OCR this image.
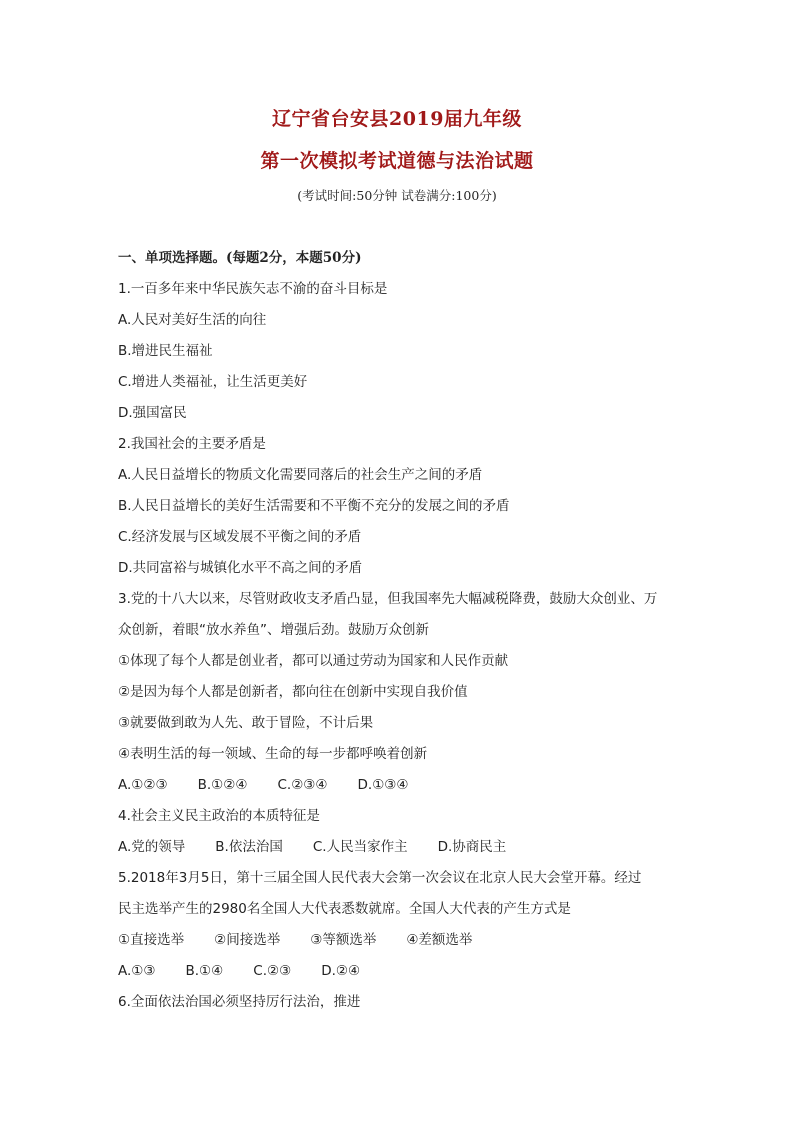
辽宁省台安县2019届九年级
第一次模拟考试道德与法治试题
(考试时间:50分钟 试卷满分:100分)
一、单项选择题。(每题2分，本题50分)
1.一百多年来中华民族矢志不渝的奋斗目标是
A.人民对美好生活的向往
B.增进民生福祉
C.增进人类福祉，让生活更美好
D.强国富民
2.我国社会的主要矛盾是
A.人民日益增长的物质文化需要同落后的社会生产之间的矛盾
B.人民日益增长的美好生活需要和不平衡不充分的发展之间的矛盾
C.经济发展与区域发展不平衡之间的矛盾
D.共同富裕与城镇化水平不高之间的矛盾
3.党的十八大以来，尽管财政收支矛盾凸显，但我国率先大幅减税降费，鼓励大众创业、万
众创新，着眼“放水养鱼”、增强后劲。鼓励万众创新
①体现了每个人都是创业者，都可以通过劳动为国家和人民作贡献
②是因为每个人都是创新者，都向往在创新中实现自我价值
③就要做到敢为人先、敢于冒险，不计后果
④表明生活的每一领域、生命的每一步都呼唤着创新
A.①②③ B.①②④ C.②③④ D.①③④
4.社会主义民主政治的本质特征是
A.党的领导 B.依法治国 C.人民当家作主 D.协商民主
5.2018年3月5日，第十三届全国人民代表大会第一次会议在北京人民大会堂开幕。经过
民主选举产生的2980名全国人大代表悉数就席。全国人大代表的产生方式是
①直接选举 ②间接选举 ③等额选举 ④差额选举
A.①③ B.①④ C.②③ D.②④
6.全面依法治国必须坚持厉行法治，推进
